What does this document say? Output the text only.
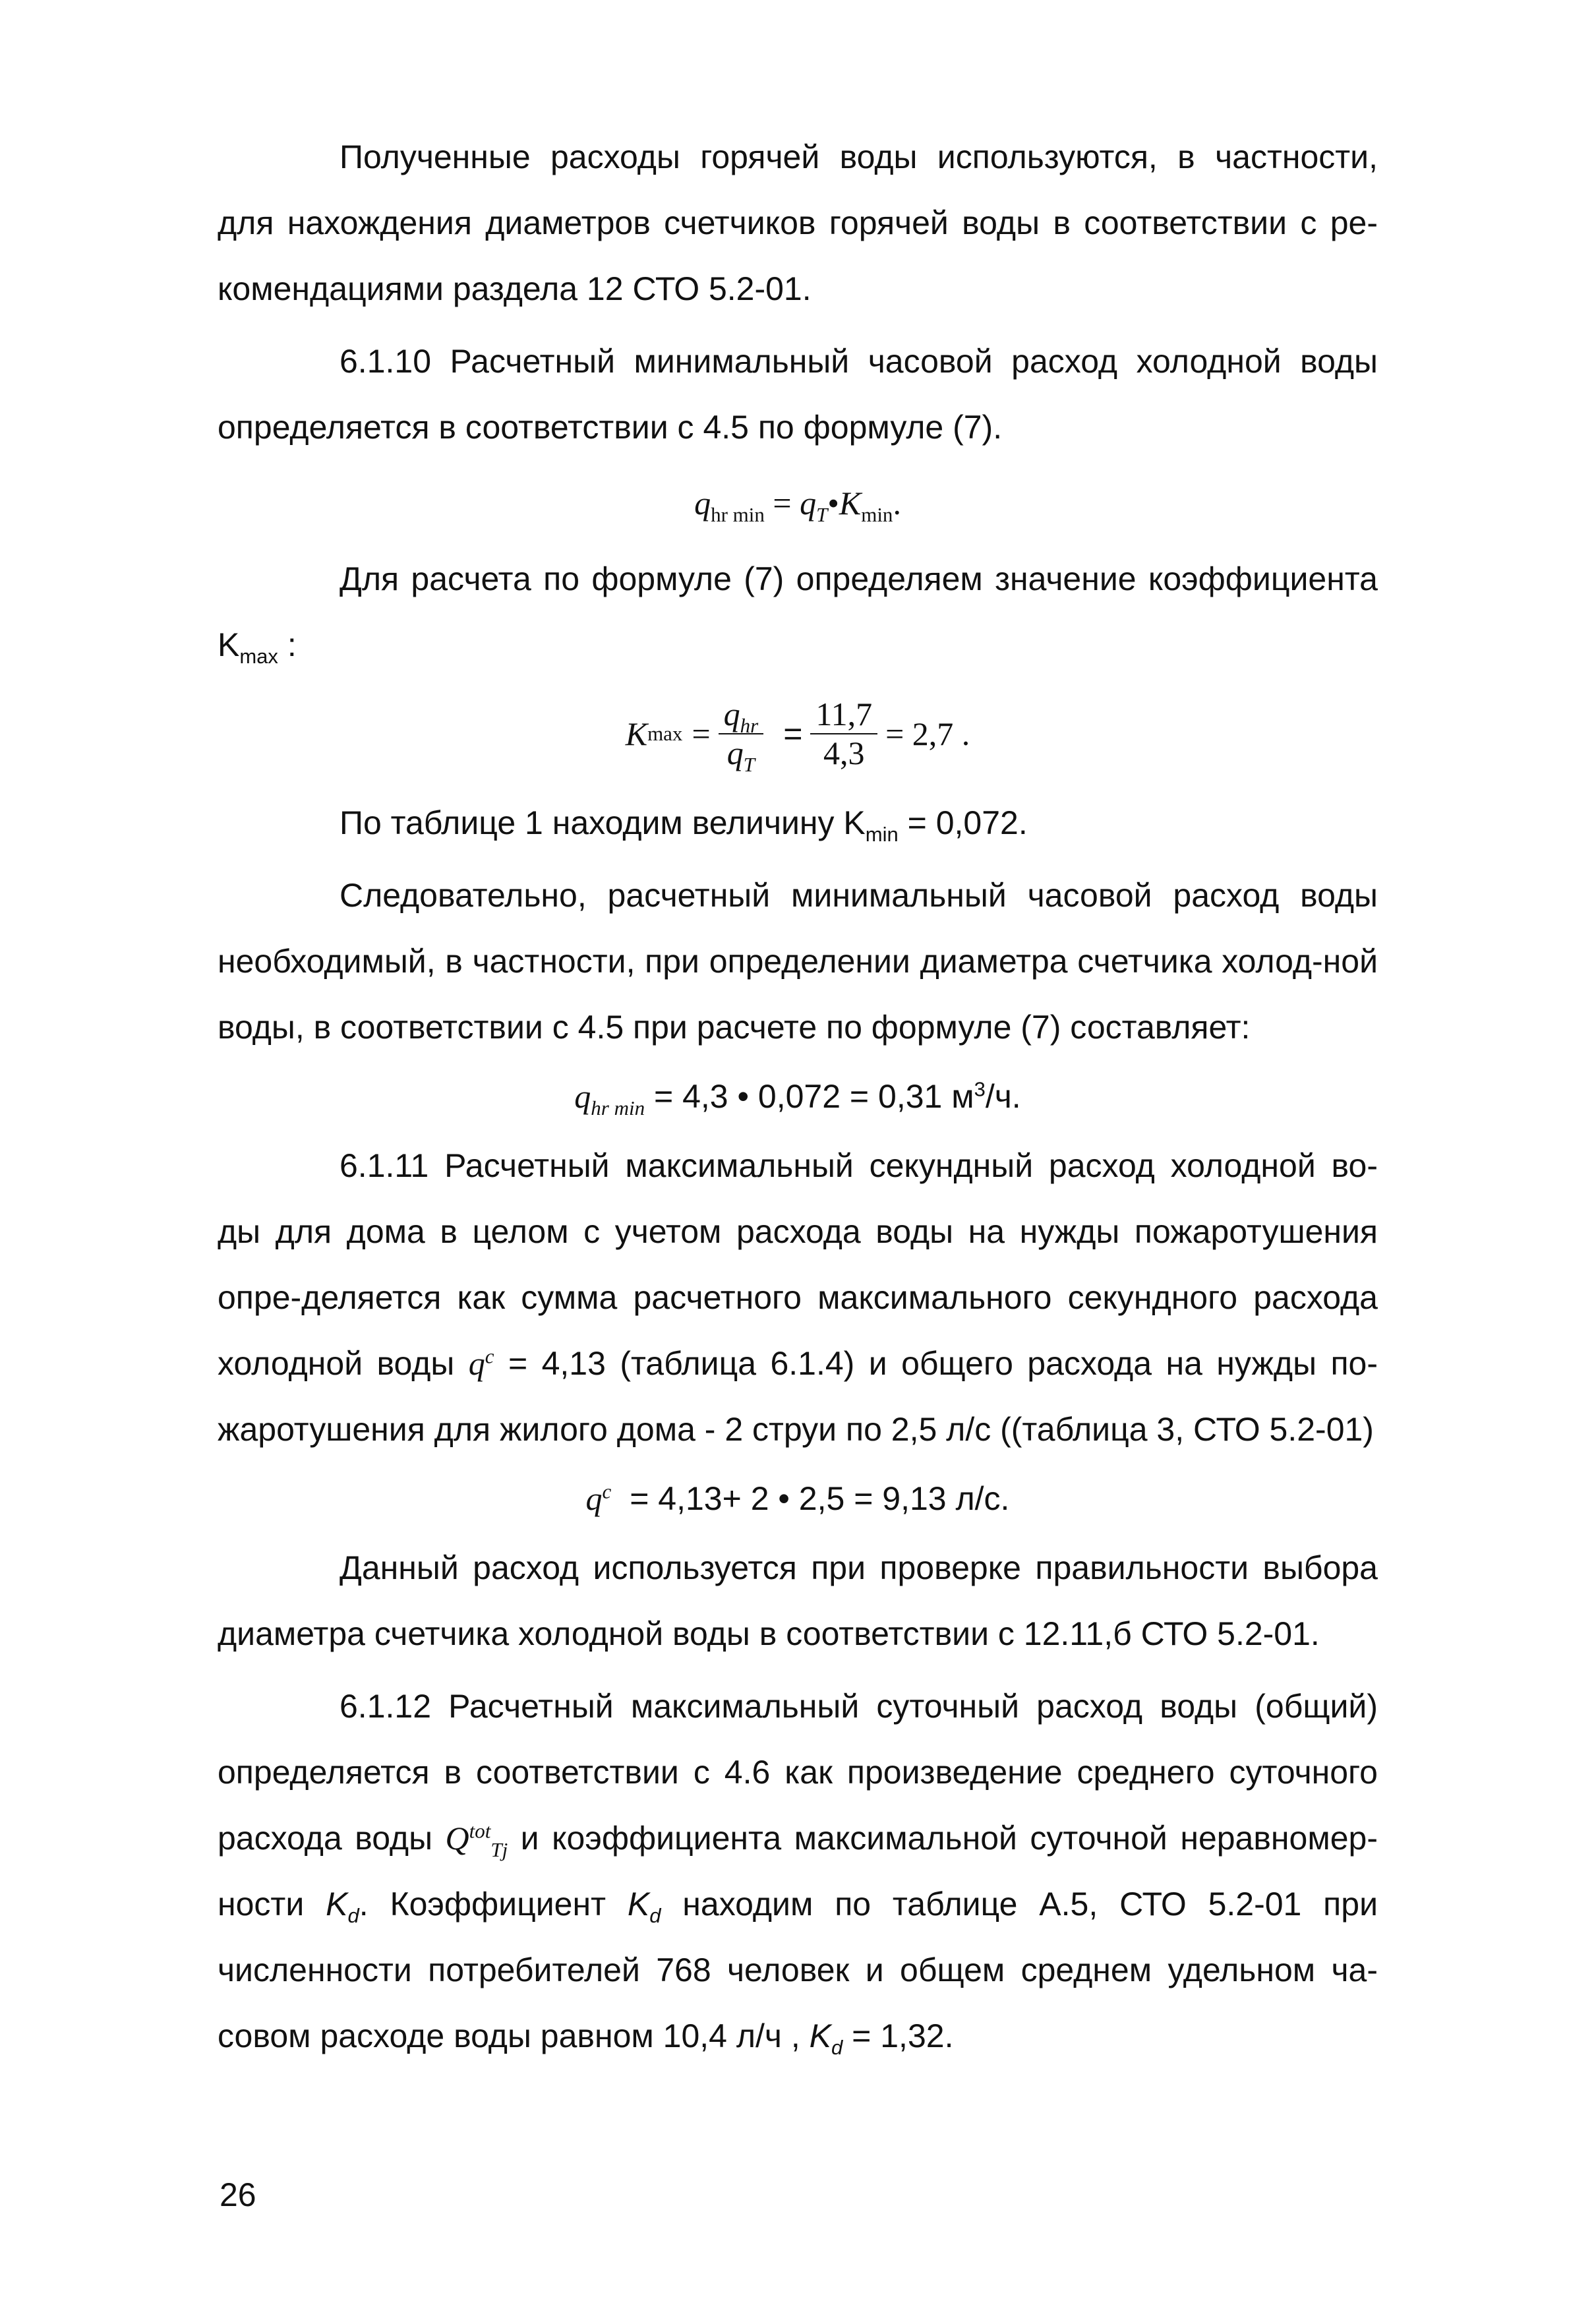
Полученные расходы горячей воды используются, в частности, для нахождения диаметров счетчиков горячей воды в соответствии с ре-комендациями раздела 12 СТО 5.2-01.

6.1.10 Расчетный минимальный часовой расход холодной воды определяется в соответствии с 4.5 по формуле (7).

$q_{hr min}$ = $q_T•K_{min}$.

Для расчета по формуле (7) определяем значение коэффициента $K_{max}$ :

K $\max = \frac{q_{hr}}{q_T} = \frac{11,7}{4,3} = 2,7$ .

По таблице 1 находим величину $K_{min} = 0,072$.

Следовательно, расчетный минимальный часовой расход воды необходимый, в частности, при определении диаметра счетчика холод-ной воды, в соответствии с 4.5 при расчете по формуле (7) составляет:

$q_{hr min} = 4,3$ • 0,072 = 0,31 $м^3/ч$.

6.1.11 Расчетный максимальный секундный расход холодной во-ды для дома в целом с учетом расхода воды на нужды пожаротушения опре-деляется как сумма расчетного максимального секундного расхода холодной воды $q^c = 4,13$ (таблица 6.1.4) и общего расхода на нужды по-жаротушения для жилого дома - 2 струи по 2,5 л/с ((таблица 3, СТО 5.2-01)

$q^c = 4,13+ 2$ • 2,5 = 9,13 л/с.

Данный расход используется при проверке правильности выбора диаметра счетчика холодной воды в соответствии с 12.11,б СТО 5.2-01.

6.1.12 Расчетный максимальный суточный расход воды (общий) определяется в соответствии с 4.6 как произведение среднего суточного расхода воды $Q^{tot}_{Tj}$ и коэффициента максимальной суточной неравномер-ности $K_d$. Коэффициент $K_d$ находим по таблице А.5, СТО 5.2-01 при численности потребителей 768 человек и общем среднем удельном ча-совом расходе воды равном 10,4 л/ч , $K_d = 1,32$.

26
